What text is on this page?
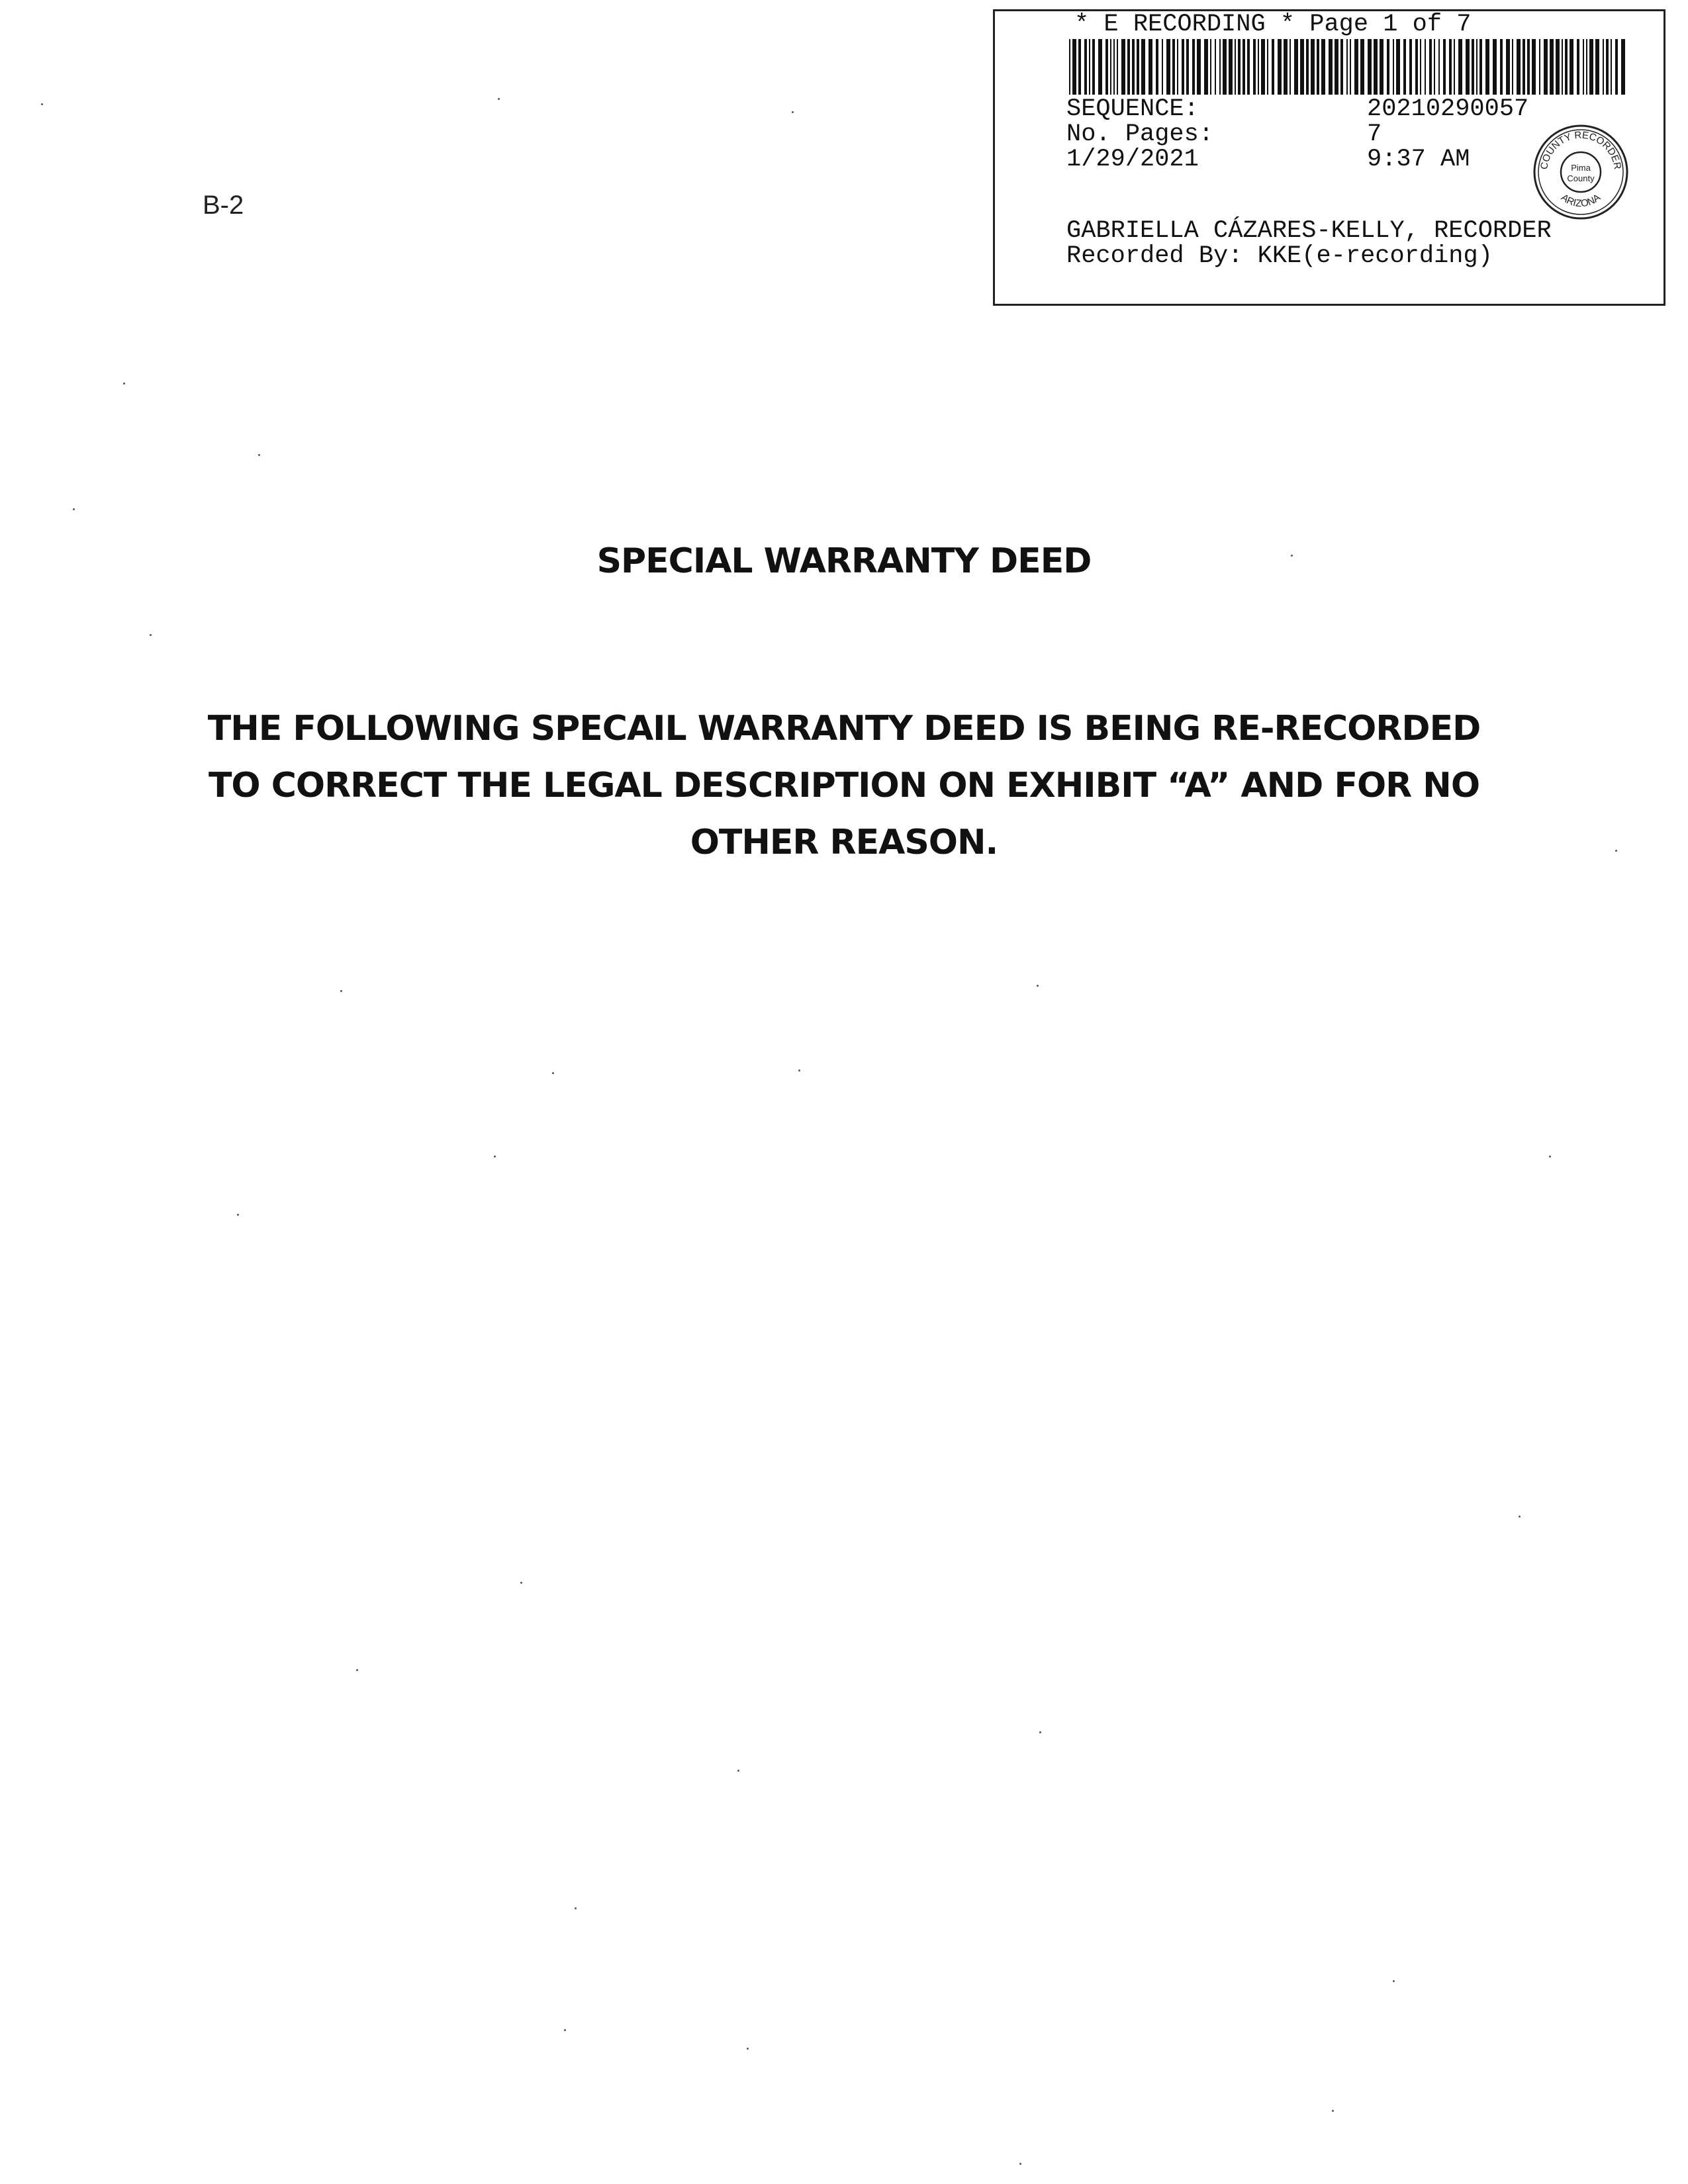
B-2
* E RECORDING * Page 1 of 7
SEQUENCE:	20210290057
No. Pages:	7
1/29/2021	9:37 AM	COUNTY RECORDER
ARIZONA
Pima
County
GABRIELLA CÁZARES-KELLY, RECORDER
Recorded By: KKE(e-recording)
SPECIAL WARRANTY DEED
THE FOLLOWING SPECAIL WARRANTY DEED IS BEING RE-RECORDED
TO CORRECT THE LEGAL DESCRIPTION ON EXHIBIT “A” AND FOR NO
OTHER REASON.
